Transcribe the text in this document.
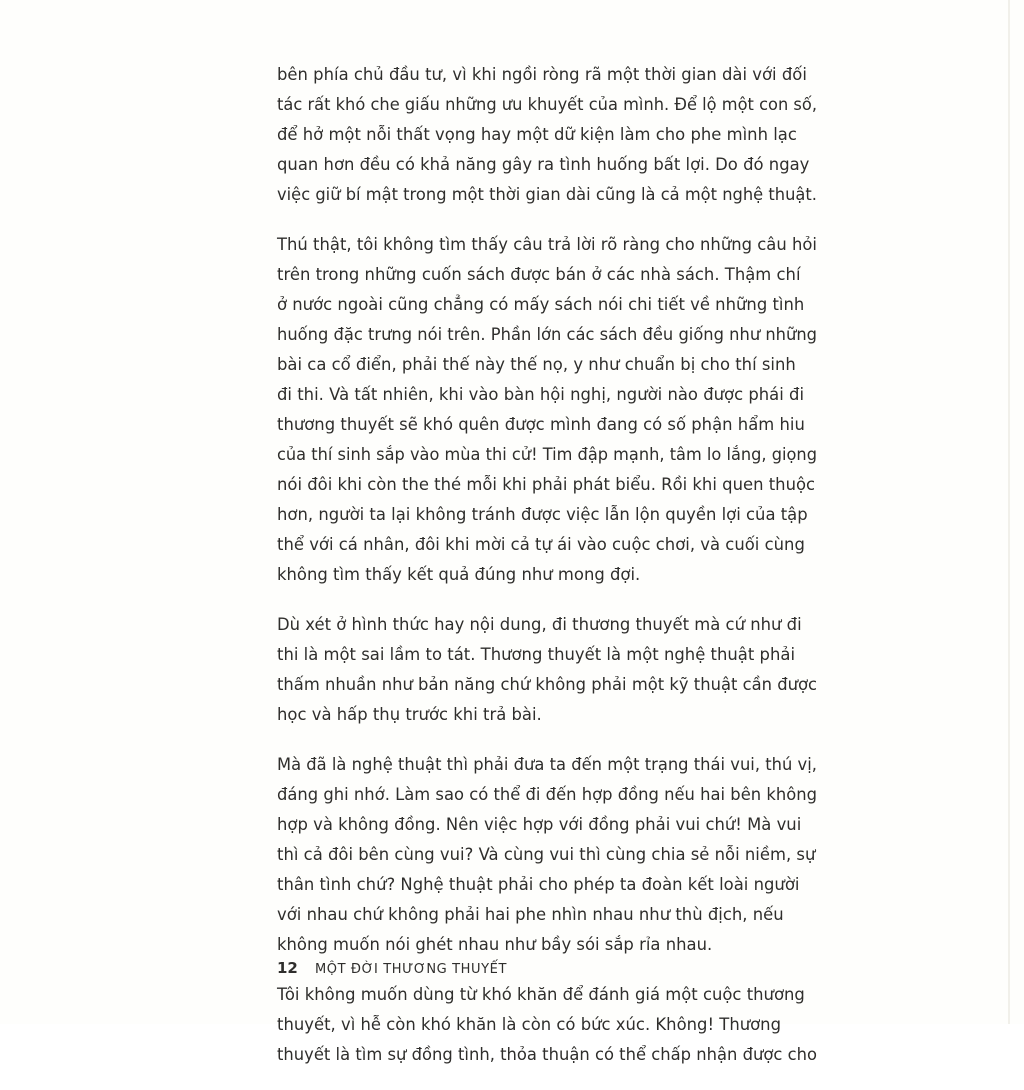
bên phía chủ đầu tư, vì khi ngồi ròng rã một thời gian dài với đối
tác rất khó che giấu những ưu khuyết của mình. Để lộ một con số,
để hở một nỗi thất vọng hay một dữ kiện làm cho phe mình lạc
quan hơn đều có khả năng gây ra tình huống bất lợi. Do đó ngay
việc giữ bí mật trong một thời gian dài cũng là cả một nghệ thuật.

Thú thật, tôi không tìm thấy câu trả lời rõ ràng cho những câu hỏi
trên trong những cuốn sách được bán ở các nhà sách. Thậm chí
ở nước ngoài cũng chẳng có mấy sách nói chi tiết về những tình
huống đặc trưng nói trên. Phần lớn các sách đều giống như những
bài ca cổ điển, phải thế này thế nọ, y như chuẩn bị cho thí sinh
đi thi. Và tất nhiên, khi vào bàn hội nghị, người nào được phái đi
thương thuyết sẽ khó quên được mình đang có số phận hẩm hiu
của thí sinh sắp vào mùa thi cử! Tim đập mạnh, tâm lo lắng, giọng
nói đôi khi còn the thé mỗi khi phải phát biểu. Rồi khi quen thuộc
hơn, người ta lại không tránh được việc lẫn lộn quyền lợi của tập
thể với cá nhân, đôi khi mời cả tự ái vào cuộc chơi, và cuối cùng
không tìm thấy kết quả đúng như mong đợi.

Dù xét ở hình thức hay nội dung, đi thương thuyết mà cứ như đi
thi là một sai lầm to tát. Thương thuyết là một nghệ thuật phải
thấm nhuần như bản năng chứ không phải một kỹ thuật cần được
học và hấp thụ trước khi trả bài.

Mà đã là nghệ thuật thì phải đưa ta đến một trạng thái vui, thú vị,
đáng ghi nhớ. Làm sao có thể đi đến hợp đồng nếu hai bên không
hợp và không đồng. Nên việc hợp với đồng phải vui chứ! Mà vui
thì cả đôi bên cùng vui? Và cùng vui thì cùng chia sẻ nỗi niềm, sự
thân tình chứ? Nghệ thuật phải cho phép ta đoàn kết loài người
với nhau chứ không phải hai phe nhìn nhau như thù địch, nếu
không muốn nói ghét nhau như bầy sói sắp rỉa nhau.

Tôi không muốn dùng từ khó khăn để đánh giá một cuộc thương
thuyết, vì hễ còn khó khăn là còn có bức xúc. Không! Thương
thuyết là tìm sự đồng tình, thỏa thuận có thể chấp nhận được cho

12 MỘT ĐỜI THƯƠNG THUYẾT
